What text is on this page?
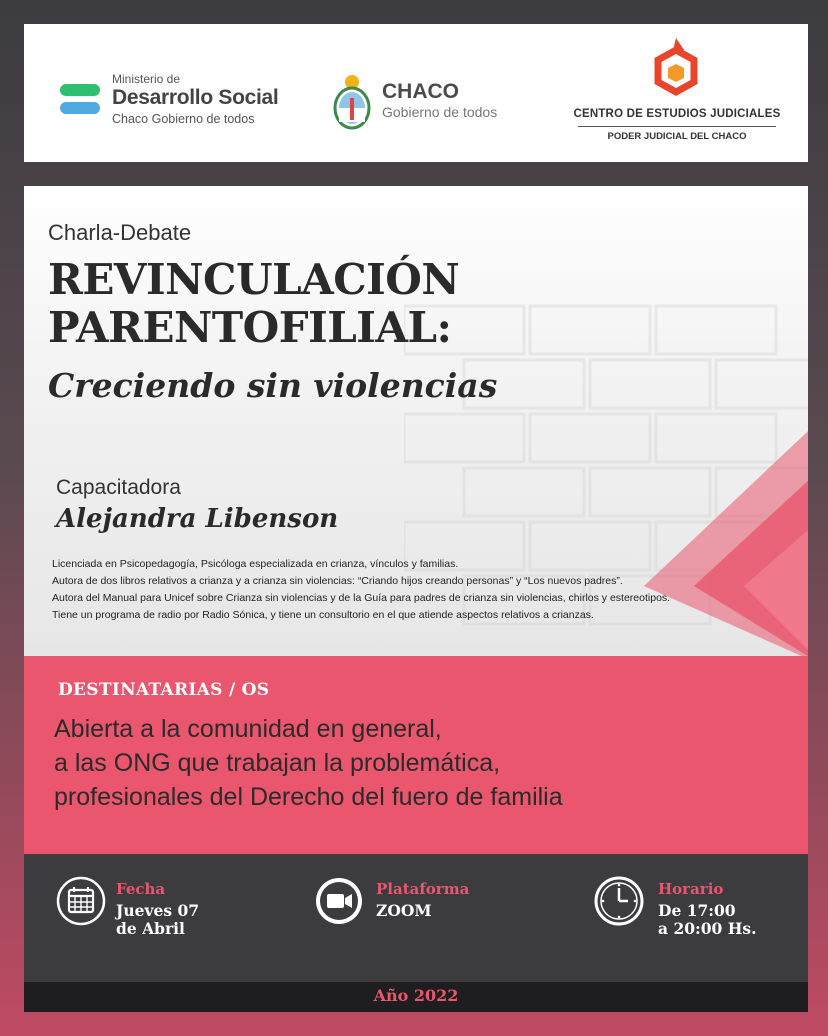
Ministerio de
Desarrollo Social
Chaco Gobierno de todos
CHACO
Gobierno de todos	CENTRO DE ESTUDIOS JUDICIALES
PODER JUDICIAL DEL CHACO
Charla-Debate
REVINCULACIÓN
PARENTOFILIAL:
Creciendo sin violencias
Capacitadora
Alejandra Libenson
Licenciada en Psicopedagogía, Psicóloga especializada en crianza, vínculos y familias.
Autora de dos libros relativos a crianza y a crianza sin violencias: “Criando hijos creando personas” y “Los nuevos padres”.
Autora del Manual para Unicef sobre Crianza sin violencias y de la Guía para padres de crianza sin violencias, chirlos y estereotipos.
Tiene un programa de radio por Radio Sónica, y tiene un consultorio en el que atiende aspectos relativos a crianzas.
DESTINATARIAS / OS
Abierta a la comunidad en general,
a las ONG que trabajan la problemática,
profesionales del Derecho del fuero de familia
Fecha
Jueves 07
de Abril
Plataforma
ZOOM
Horario
De 17:00
a 20:00 Hs.
Año 2022
